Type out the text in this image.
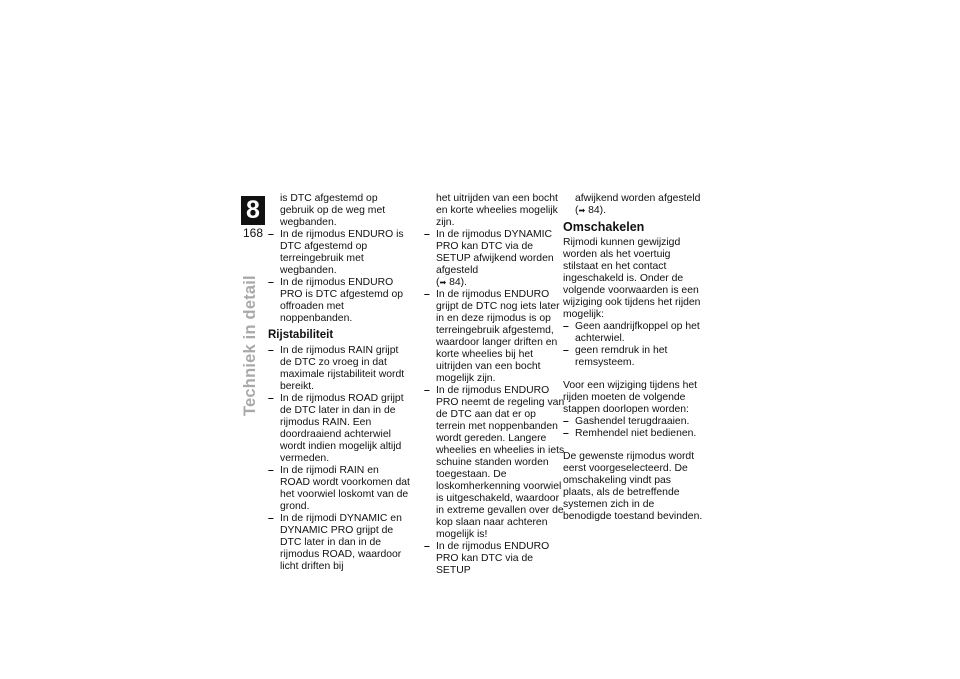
8
168
Techniek in detail

is DTC afgestemd op gebruik op de weg met wegbanden.

– In de rijmodus ENDURO is DTC afgestemd op terreingebruik met wegbanden.

– In de rijmodus ENDURO PRO is DTC afgestemd op offroaden met noppenbanden.

Rijstabiliteit

– In de rijmodus RAIN grijpt de DTC zo vroeg in dat maximale rijstabiliteit wordt bereikt.

– In de rijmodus ROAD grijpt de DTC later in dan in de rijmodus RAIN. Een doordraaiend achterwiel wordt indien mogelijk altijd vermeden.

– In de rijmodi RAIN en ROAD wordt voorkomen dat het voorwiel loskomt van de grond.

– In de rijmodi DYNAMIC en DYNAMIC PRO grijpt de DTC later in dan in de rijmodus ROAD, waardoor licht driften bij

het uitrijden van een bocht en korte wheelies mogelijk zijn.

– In de rijmodus DYNAMIC PRO kan DTC via de SETUP afwijkend worden afgesteld
(➡ 84).

– In de rijmodus ENDURO grijpt de DTC nog iets later in en deze rijmodus is op terreingebruik afgestemd, waardoor langer driften en korte wheelies bij het uitrijden van een bocht mogelijk zijn.

– In de rijmodus ENDURO PRO neemt de regeling van de DTC aan dat er op terrein met noppenbanden wordt gereden. Langere wheelies en wheelies in iets schuine standen worden toegestaan. De loskomherkenning voorwiel is uitgeschakeld, waardoor in extreme gevallen over de kop slaan naar achteren mogelijk is!

– In de rijmodus ENDURO PRO kan DTC via de SETUP

afwijkend worden afgesteld
(➡ 84).

Omschakelen

Rijmodi kunnen gewijzigd worden als het voertuig stilstaat en het contact ingeschakeld is. Onder de volgende voorwaarden is een wijziging ook tijdens het rijden mogelijk:

– Geen aandrijfkoppel op het achterwiel.

– geen remdruk in het remsysteem.

Voor een wijziging tijdens het rijden moeten de volgende stappen doorlopen worden:

– Gashendel terugdraaien.

– Remhendel niet bedienen.

De gewenste rijmodus wordt eerst voorgeselecteerd. De omschakeling vindt pas plaats, als de betreffende systemen zich in de benodigde toestand bevinden.
